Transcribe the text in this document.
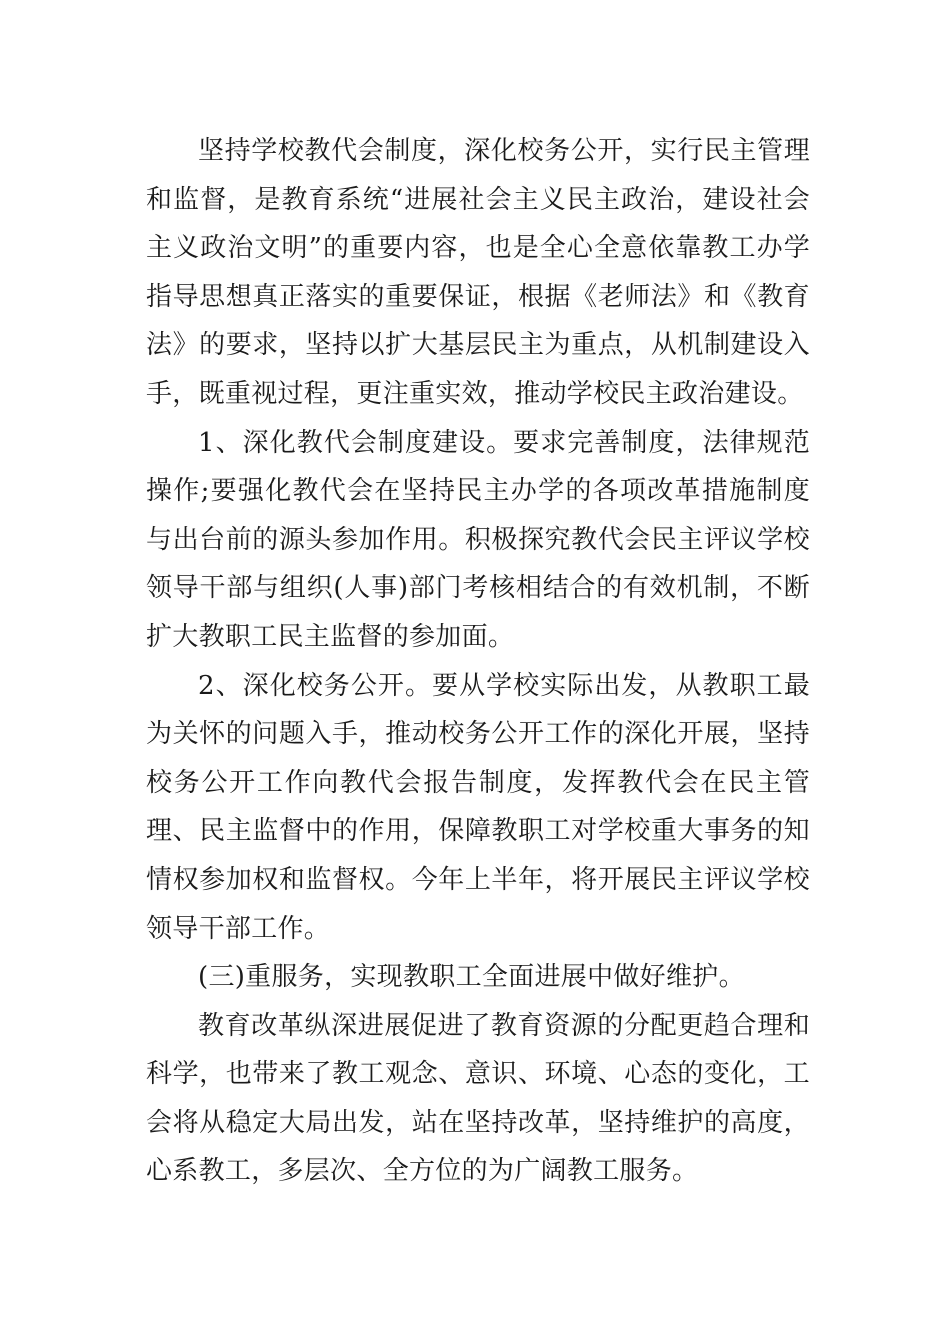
坚持学校教代会制度，深化校务公开，实行民主管理和监督，是教育系统“进展社会主义民主政治，建设社会主义政治文明”的重要内容，也是全心全意依靠教工办学指导思想真正落实的重要保证，根据《老师法》和《教育法》的要求，坚持以扩大基层民主为重点，从机制建设入手，既重视过程，更注重实效，推动学校民主政治建设。

1、深化教代会制度建设。要求完善制度，法律规范操作;要强化教代会在坚持民主办学的各项改革措施制度与出台前的源头参加作用。积极探究教代会民主评议学校领导干部与组织(人事)部门考核相结合的有效机制，不断扩大教职工民主监督的参加面。

2、深化校务公开。要从学校实际出发，从教职工最为关怀的问题入手，推动校务公开工作的深化开展，坚持校务公开工作向教代会报告制度，发挥教代会在民主管理、民主监督中的作用，保障教职工对学校重大事务的知情权参加权和监督权。今年上半年，将开展民主评议学校领导干部工作。

(三)重服务，实现教职工全面进展中做好维护。

教育改革纵深进展促进了教育资源的分配更趋合理和科学，也带来了教工观念、意识、环境、心态的变化，工会将从稳定大局出发，站在坚持改革，坚持维护的高度，心系教工，多层次、全方位的为广阔教工服务。
